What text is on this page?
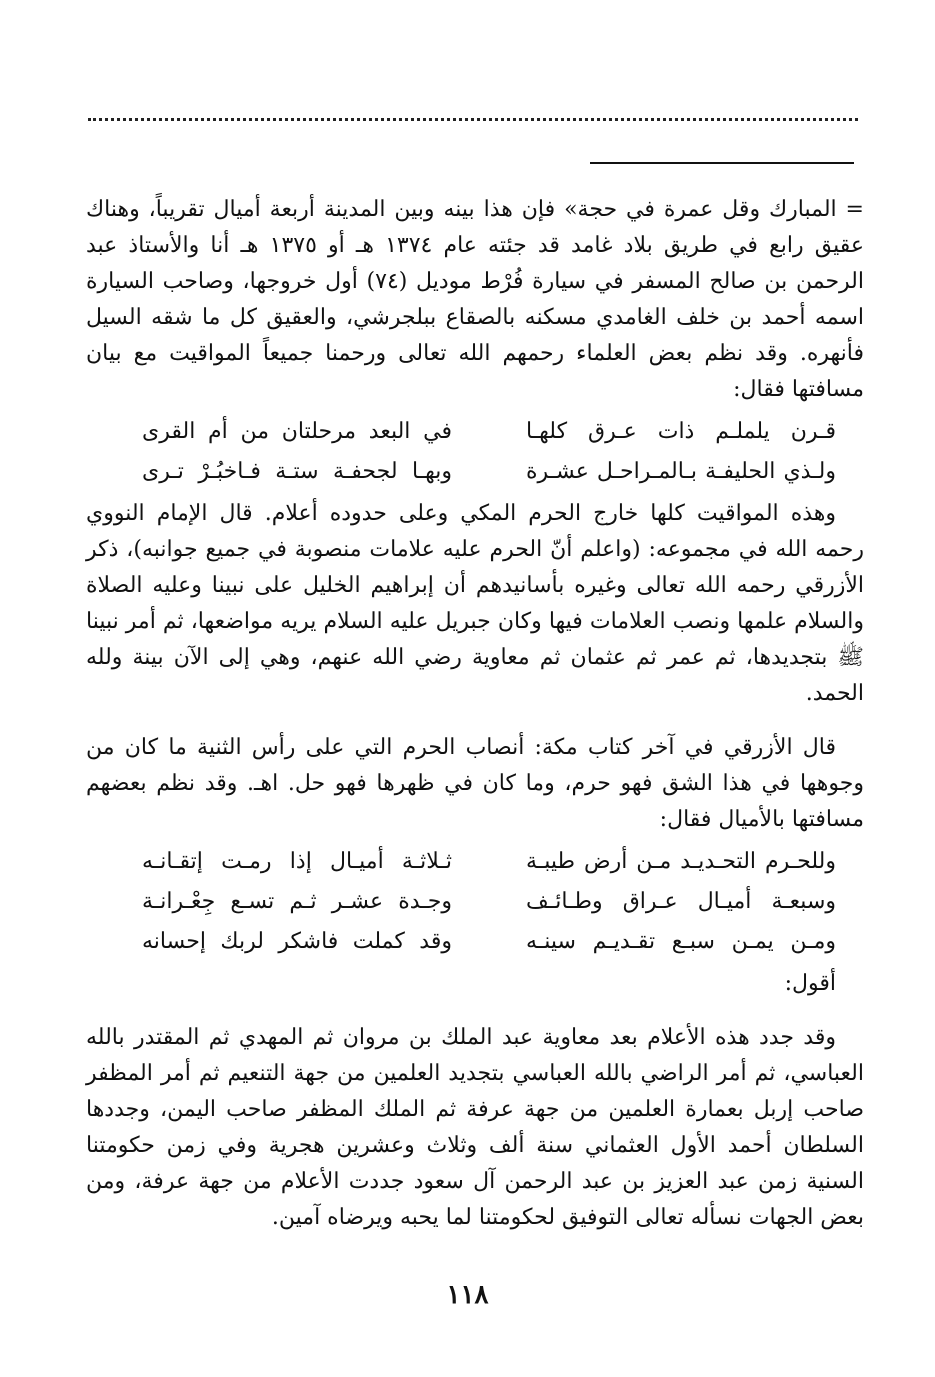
= المبارك وقل عمرة في حجة» فإن هذا بينه وبين المدينة أربعة أميال تقريباً، وهناك عقيق رابع في طريق بلاد غامد قد جئته عام ١٣٧٤ هـ أو ١٣٧٥ هـ أنا والأستاذ عبد الرحمن بن صالح المسفر في سيارة فُرْط موديل (٧٤) أول خروجها، وصاحب السيارة اسمه أحمد بن خلف الغامدي مسكنه بالصقاع ببلجرشي، والعقيق كل ما شقه السيل فأنهره. وقد نظم بعض العلماء رحمهم الله تعالى ورحمنا جميعاً المواقيت مع بيان مسافتها فقال:

قـرن يلملـم ذات عـرق كلهـا
في البعد مرحلتان من أم القرى
ولـذي الحليفـة بـالمـراحـل عشـرة
وبهـا لجحفـة ستـة فـاخبُـرْ تـرى

وهذه المواقيت كلها خارج الحرم المكي وعلى حدوده أعلام. قال الإمام النووي رحمه الله في مجموعه: (واعلم أنّ الحرم عليه علامات منصوبة في جميع جوانبه)، ذكر الأزرقي رحمه الله تعالى وغيره بأسانيدهم أن إبراهيم الخليل على نبينا وعليه الصلاة والسلام علمها ونصب العلامات فيها وكان جبريل عليه السلام يريه مواضعها، ثم أمر نبينا ﷺ بتجديدها، ثم عمر ثم عثمان ثم معاوية رضي الله عنهم، وهي إلى الآن بينة ولله الحمد.

قال الأزرقي في آخر كتاب مكة: أنصاب الحرم التي على رأس الثنية ما كان من وجوهها في هذا الشق فهو حرم، وما كان في ظهرها فهو حل. اهـ. وقد نظم بعضهم مسافتها بالأميال فقال:

وللحـرم التحـديـد مـن أرض طيبـة
ثـلاثـة أميـال إذا رمـت إتقـانـه
وسبعـة أميـال عـراق وطـائـف
وجـدة عشـر ثـم تسـع جِعْـرانـة
ومـن يمـن سبـع تقـديـم سينـه
وقد كملت فاشكر لربك إحسانه

أقول:

وقد جدد هذه الأعلام بعد معاوية عبد الملك بن مروان ثم المهدي ثم المقتدر بالله العباسي، ثم أمر الراضي بالله العباسي بتجديد العلمين من جهة التنعيم ثم أمر المظفر صاحب إربل بعمارة العلمين من جهة عرفة ثم الملك المظفر صاحب اليمن، وجددها السلطان أحمد الأول العثماني سنة ألف وثلاث وعشرين هجرية وفي زمن حكومتنا السنية زمن عبد العزيز بن عبد الرحمن آل سعود جددت الأعلام من جهة عرفة، ومن بعض الجهات نسأله تعالى التوفيق لحكومتنا لما يحبه ويرضاه آمين.

١١٨
